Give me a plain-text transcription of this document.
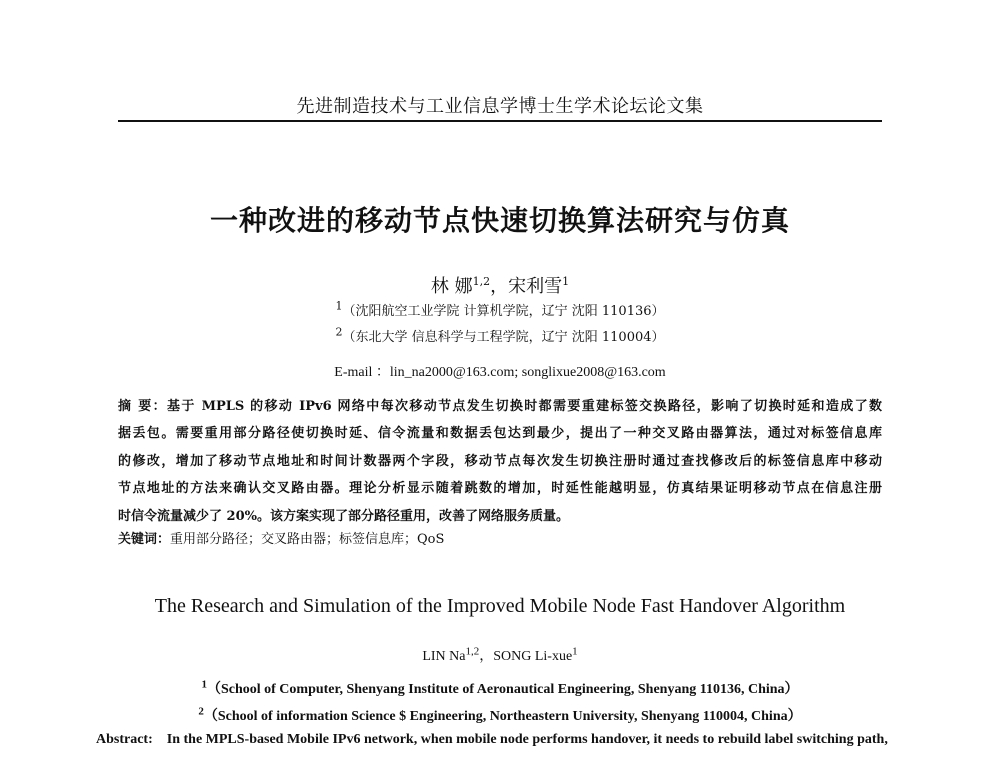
先进制造技术与工业信息学博士生学术论坛论文集
一种改进的移动节点快速切换算法研究与仿真
林 娜$^{1,2}$，宋利雪$^1$
$^1$（沈阳航空工业学院 计算机学院，辽宁 沈阳 110136）
$^2$（东北大学 信息科学与工程学院，辽宁 沈阳 110004）
E-mail ：lin_na2000@163.com; songlixue2008@163.com
摘 要：基于 MPLS 的移动 IPv6 网络中每次移动节点发生切换时都需要重建标签交换路径，影响了切换时延和造成了数
据丢包。需要重用部分路径使切换时延、信令流量和数据丢包达到最少，提出了一种交叉路由器算法，通过对标签信息库
的修改，增加了移动节点地址和时间计数器两个字段，移动节点每次发生切换注册时通过查找修改后的标签信息库中移动
节点地址的方法来确认交叉路由器。理论分析显示随着跳数的增加，时延性能越明显，仿真结果证明移动节点在信息注册
时信令流量减少了 20%。该方案实现了部分路径重用，改善了网络服务质量。
关键词：重用部分路径；交叉路由器；标签信息库；QoS
The Research and Simulation of the Improved Mobile Node Fast Handover Algorithm
LIN Na$^{1,2}$，SONG Li-xue$^1$
$^1$（School of Computer, Shenyang Institute of Aeronautical Engineering, Shenyang 110136, China）
$^2$（School of information Science $ Engineering, Northeastern University, Shenyang 110004, China）
Abstract: In the MPLS-based Mobile IPv6 network, when mobile node performs handover, it needs to rebuild label switching path,
